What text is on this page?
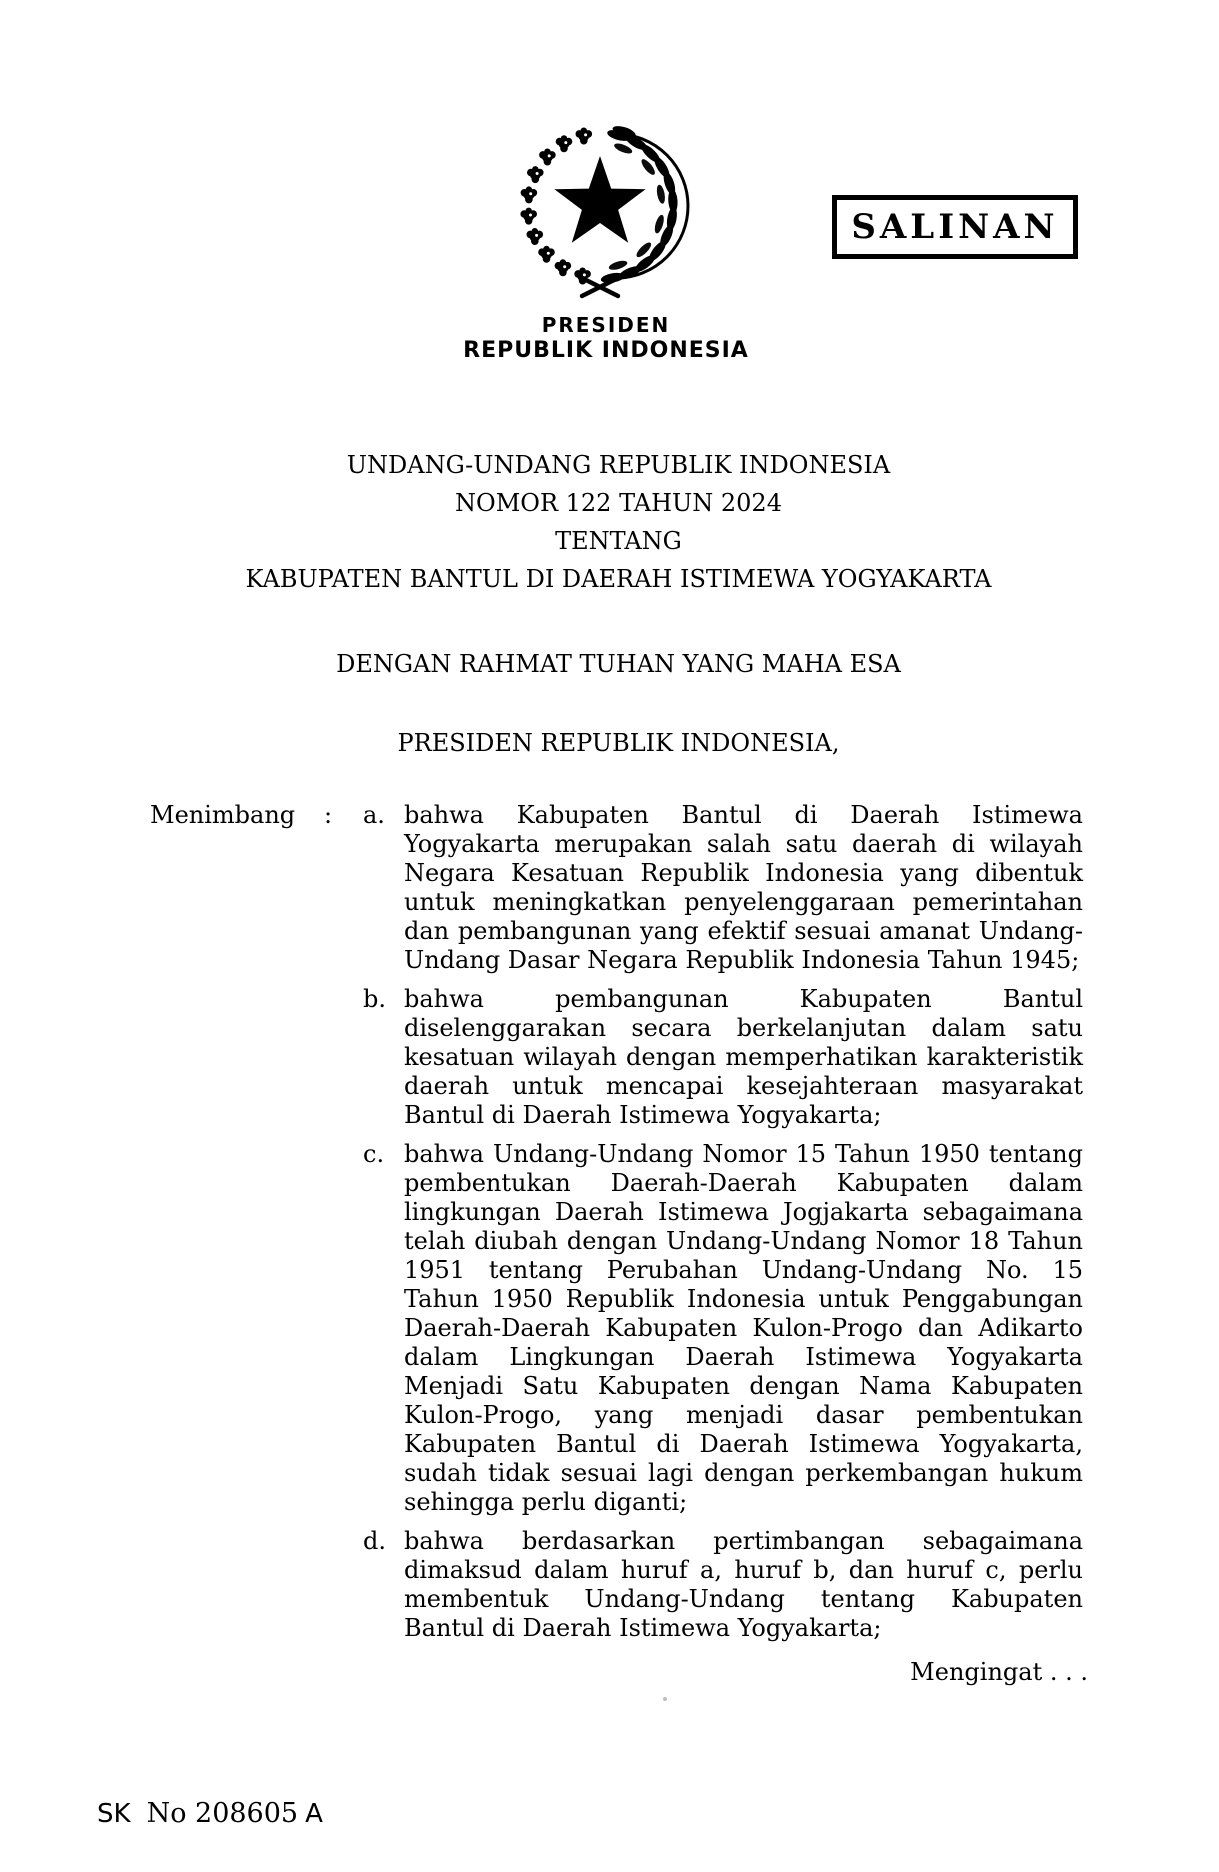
PRESIDEN
REPUBLIK INDONESIA
SALINAN
UNDANG-UNDANG REPUBLIK INDONESIA
NOMOR 122 TAHUN 2024
TENTANG
KABUPATEN BANTUL DI DAERAH ISTIMEWA YOGYAKARTA
DENGAN RAHMAT TUHAN YANG MAHA ESA
PRESIDEN REPUBLIK INDONESIA,
Menimbang	:	a. bahwa Kabupaten Bantul di Daerah Istimewa Yogyakarta merupakan salah satu daerah di wilayah Negara Kesatuan Republik Indonesia yang dibentuk untuk meningkatkan penyelenggaraan pemerintahan dan pembangunan yang efektif sesuai amanat Undang-Undang Dasar Negara Republik Indonesia Tahun 1945;
b. bahwa pembangunan Kabupaten Bantul diselenggarakan secara berkelanjutan dalam satu kesatuan wilayah dengan memperhatikan karakteristik daerah untuk mencapai kesejahteraan masyarakat Bantul di Daerah Istimewa Yogyakarta;
c. bahwa Undang-Undang Nomor 15 Tahun 1950 tentang pembentukan Daerah-Daerah Kabupaten dalam lingkungan Daerah Istimewa Jogjakarta sebagaimana telah diubah dengan Undang-Undang Nomor 18 Tahun 1951 tentang Perubahan Undang-Undang No. 15 Tahun 1950 Republik Indonesia untuk Penggabungan Daerah-Daerah Kabupaten Kulon-Progo dan Adikarto dalam Lingkungan Daerah Istimewa Yogyakarta Menjadi Satu Kabupaten dengan Nama Kabupaten Kulon-Progo, yang menjadi dasar pembentukan Kabupaten Bantul di Daerah Istimewa Yogyakarta, sudah tidak sesuai lagi dengan perkembangan hukum sehingga perlu diganti;
d. bahwa berdasarkan pertimbangan sebagaimana dimaksud dalam huruf a, huruf b, dan huruf c, perlu membentuk Undang-Undang tentang Kabupaten Bantul di Daerah Istimewa Yogyakarta;
Mengingat . . .
SK No 208605 A
